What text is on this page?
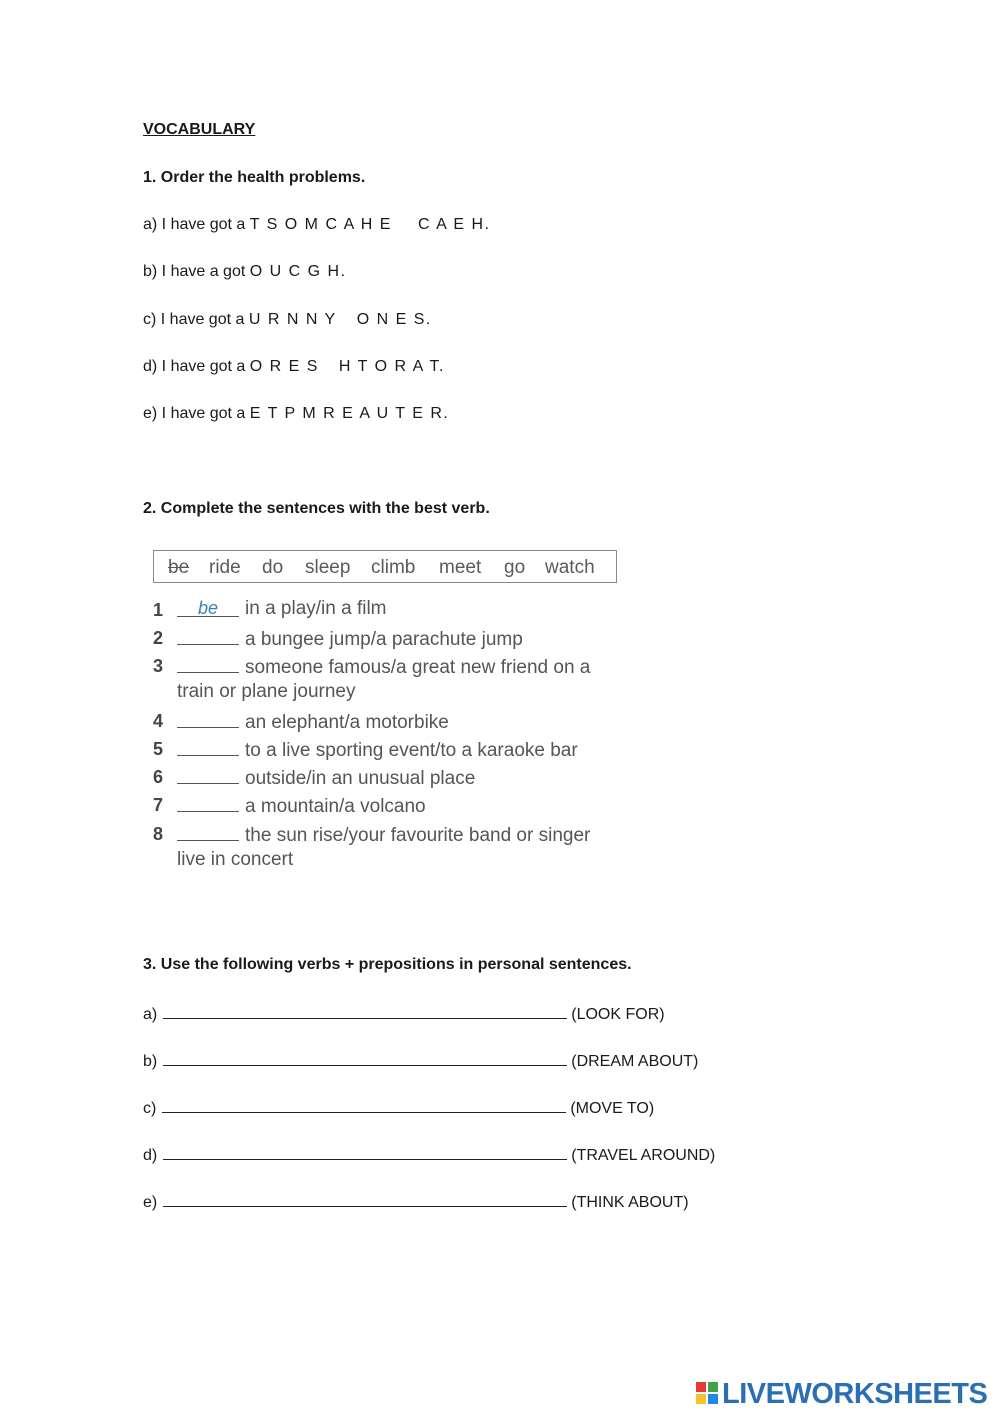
VOCABULARY
1. Order the health problems.
a) I have got a T S O M C A H E C A E H.
b) I have a got O U C G H.
c) I have got a U R N N Y O N E S.
d) I have got a O R E S H T O R A T.
e) I have got a E T P M R E A U T E R.
2. Complete the sentences with the best verb.
be ride do sleep climb meet go watch
1	be in a play/in a film
2	a bungee jump/a parachute jump
3	someone famous/a great new friend on a
train or plane journey
4	an elephant/a motorbike
5	to a live sporting event/to a karaoke bar
6	outside/in an unusual place
7	a mountain/a volcano
8	the sun rise/your favourite band or singer
live in concert
3. Use the following verbs + prepositions in personal sentences.
a)	(LOOK FOR)
b)	(DREAM ABOUT)
c)	(MOVE TO)
d)	(TRAVEL AROUND)
e)	(THINK ABOUT)
LIVEWORKSHEETS
